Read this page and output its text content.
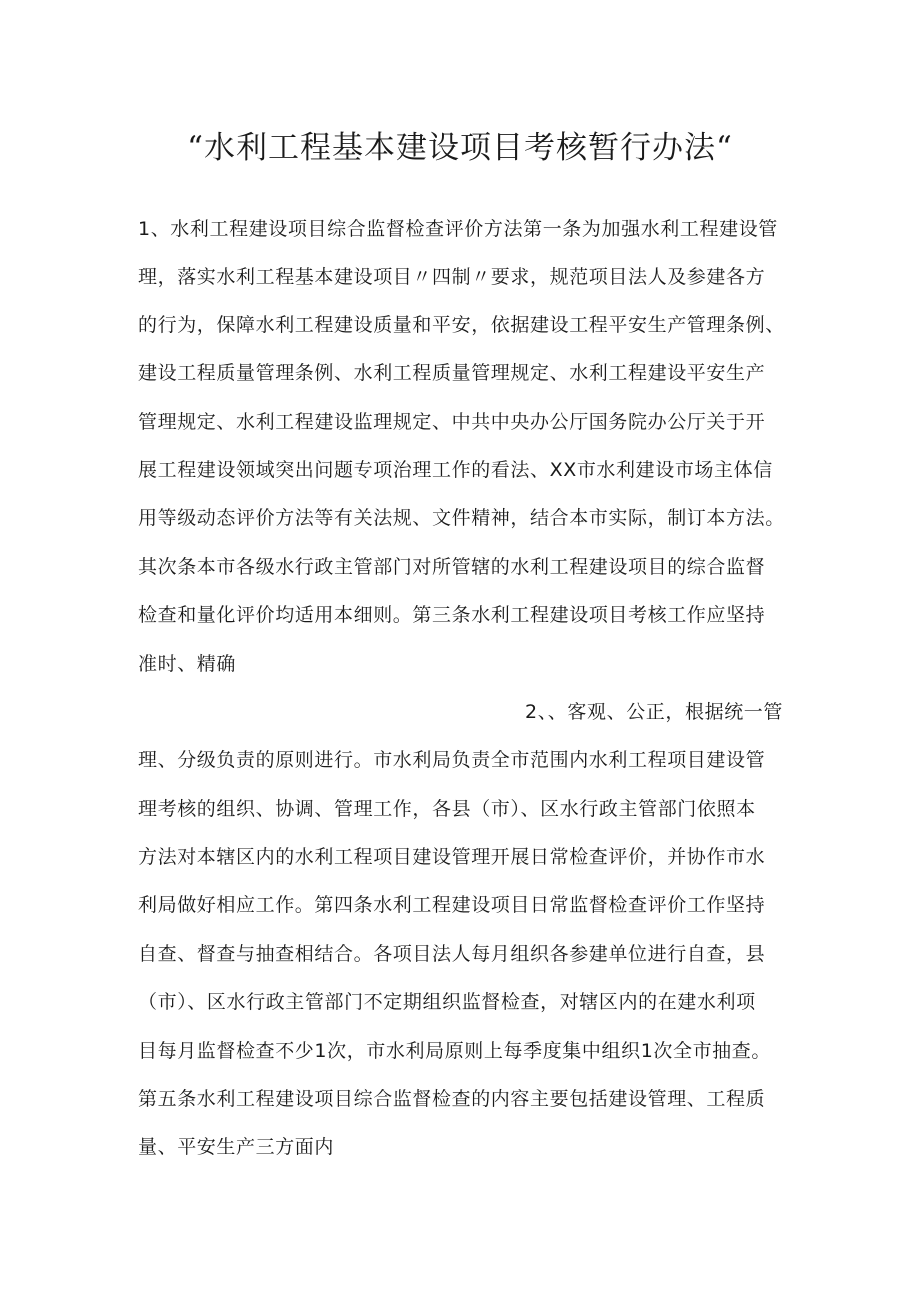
“水利工程基本建设项目考核暂行办法“
1、水利工程建设项目综合监督检查评价方法第一条为加强水利工程建设管
理，落实水利工程基本建设项目〃四制〃要求，规范项目法人及参建各方
的行为，保障水利工程建设质量和平安，依据建设工程平安生产管理条例、
建设工程质量管理条例、水利工程质量管理规定、水利工程建设平安生产
管理规定、水利工程建设监理规定、中共中央办公厅国务院办公厅关于开
展工程建设领域突出问题专项治理工作的看法、XX市水利建设市场主体信
用等级动态评价方法等有关法规、文件精神，结合本市实际，制订本方法。
其次条本市各级水行政主管部门对所管辖的水利工程建设项目的综合监督
检查和量化评价均适用本细则。第三条水利工程建设项目考核工作应坚持
准时、精确
2、、客观、公正，根据统一管
理、分级负责的原则进行。市水利局负责全市范围内水利工程项目建设管
理考核的组织、协调、管理工作，各县（市）、区水行政主管部门依照本
方法对本辖区内的水利工程项目建设管理开展日常检查评价，并协作市水
利局做好相应工作。第四条水利工程建设项目日常监督检查评价工作坚持
自查、督查与抽查相结合。各项目法人每月组织各参建单位进行自查，县
（市）、区水行政主管部门不定期组织监督检查，对辖区内的在建水利项
目每月监督检查不少1次，市水利局原则上每季度集中组织1次全市抽查。
第五条水利工程建设项目综合监督检查的内容主要包括建设管理、工程质
量、平安生产三方面内
